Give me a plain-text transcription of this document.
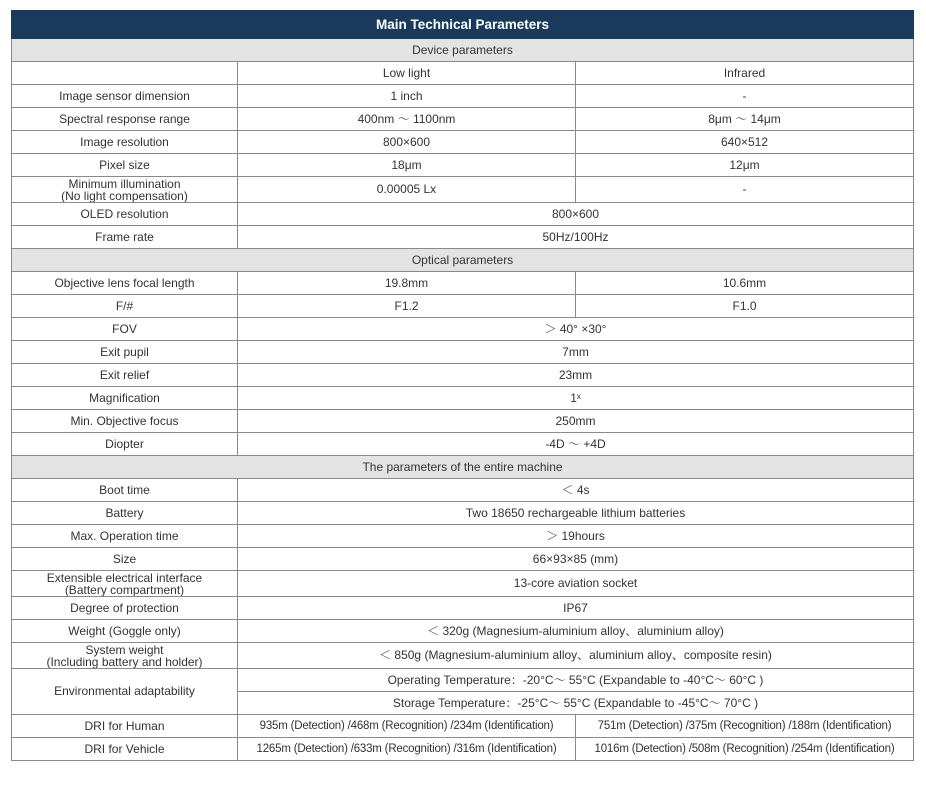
Main Technical Parameters		
Device parameters		
	Low light	Infrared
Image sensor dimension	1 inch	-
Spectral response range	400nm ～ 1100nm	8μm ～ 14μm
Image resolution	800×600	640×512
Pixel size	18μm	12μm

Minimum illumination
(No light compensation)	0.00005 Lx	-
OLED resolution	800×600	
Frame rate	50Hz/100Hz	
Optical parameters		
Objective lens focal length	19.8mm	10.6mm
F/#	F1.2	F1.0
FOV	＞ 40° ×30°	
Exit pupil	7mm	
Exit relief	23mm	
Magnification	1ˣ	
Min. Objective focus	250mm	
Diopter	-4D ～ +4D	
The parameters of the entire machine		
Boot time	＜ 4s	
Battery	Two 18650 rechargeable lithium batteries	
Max. Operation time	＞ 19hours	
Size	66×93×85 (mm)	

Extensible electrical interface
(Battery compartment)	13-core aviation socket	
Degree of protection	IP67	
Weight (Goggle only)	＜ 320g (Magnesium-aluminium alloy、aluminium alloy)	

System weight
(Including battery and holder)	＜ 850g (Magnesium-aluminium alloy、aluminium alloy、composite resin)	
Environmental adaptability	Operating Temperature：-20°C～ 55°C (Expandable to -40°C～ 60°C )	
	Storage Temperature：-25°C～ 55°C (Expandable to -45°C～ 70°C )	
DRI for Human	935m (Detection) /468m (Recognition) /234m (Identification)	751m (Detection) /375m (Recognition) /188m (Identification)
DRI for Vehicle	1265m (Detection) /633m (Recognition) /316m (Identification)	1016m (Detection) /508m (Recognition) /254m (Identification)
